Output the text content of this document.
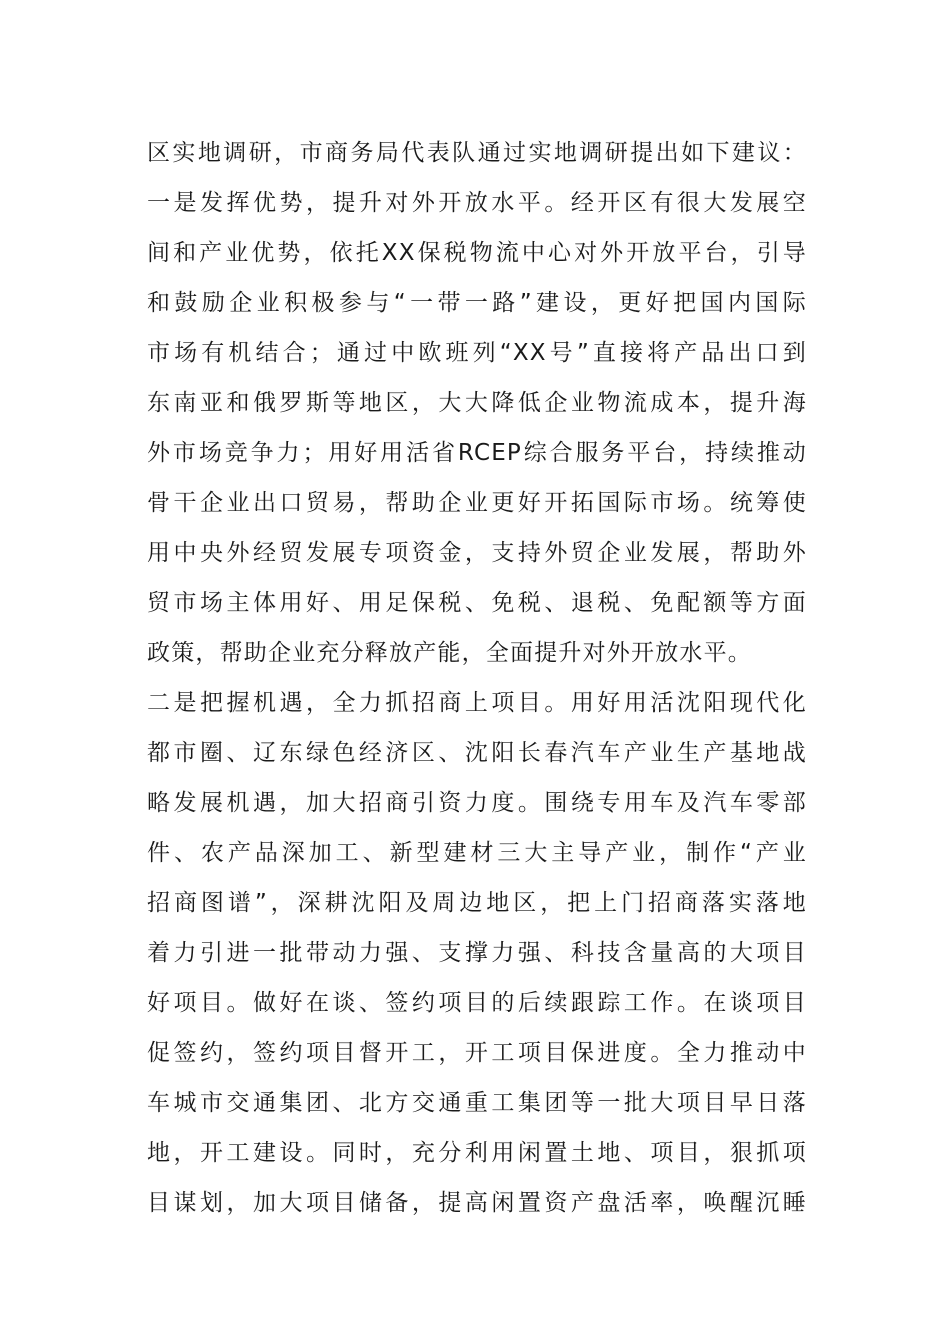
区实地调研，市商务局代表队通过实地调研提出如下建议：
一是发挥优势，提升对外开放水平。经开区有很大发展空
间和产业优势，依托XX保税物流中心对外开放平台，引导
和鼓励企业积极参与“一带一路”建设，更好把国内国际
市场有机结合；通过中欧班列“XX号”直接将产品出口到
东南亚和俄罗斯等地区，大大降低企业物流成本，提升海
外市场竞争力；用好用活省RCEP综合服务平台，持续推动
骨干企业出口贸易，帮助企业更好开拓国际市场。统筹使
用中央外经贸发展专项资金，支持外贸企业发展，帮助外
贸市场主体用好、用足保税、免税、退税、免配额等方面
政策，帮助企业充分释放产能，全面提升对外开放水平。
二是把握机遇，全力抓招商上项目。用好用活沈阳现代化
都市圈、辽东绿色经济区、沈阳长春汽车产业生产基地战
略发展机遇，加大招商引资力度。围绕专用车及汽车零部
件、农产品深加工、新型建材三大主导产业，制作“产业
招商图谱”，深耕沈阳及周边地区，把上门招商落实落地
着力引进一批带动力强、支撑力强、科技含量高的大项目
好项目。做好在谈、签约项目的后续跟踪工作。在谈项目
促签约，签约项目督开工，开工项目保进度。全力推动中
车城市交通集团、北方交通重工集团等一批大项目早日落
地，开工建设。同时，充分利用闲置土地、项目，狠抓项
目谋划，加大项目储备，提高闲置资产盘活率，唤醒沉睡
